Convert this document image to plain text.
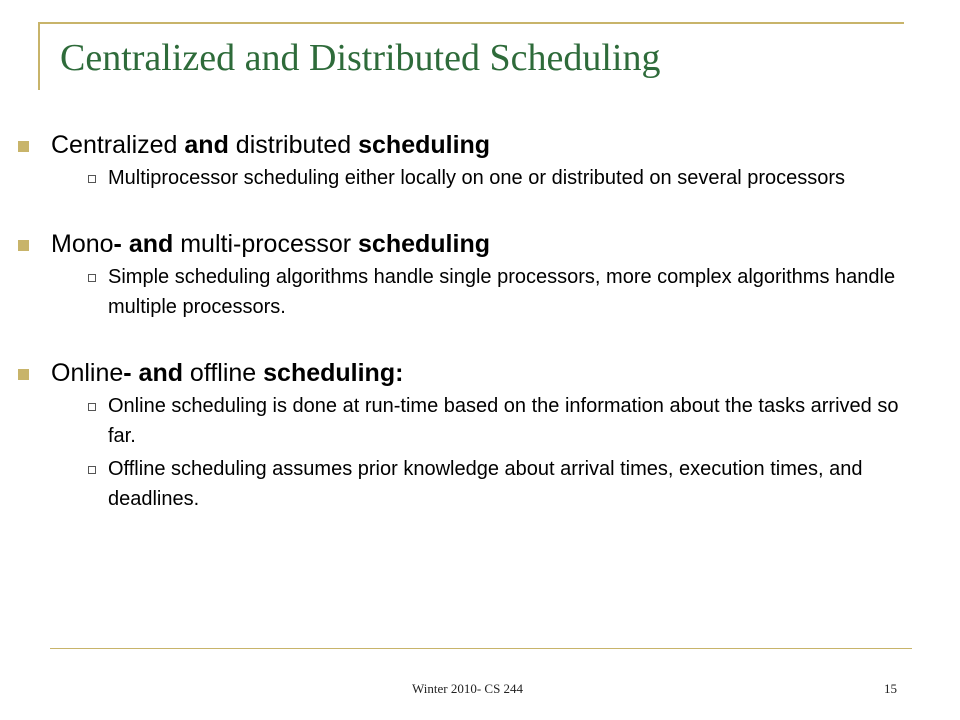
Centralized and Distributed Scheduling
Centralized and distributed scheduling
Multiprocessor scheduling either locally on one or distributed on several processors
Mono- and multi-processor scheduling
Simple scheduling algorithms handle single processors, more complex algorithms handle multiple processors.
Online- and offline scheduling:
Online scheduling is done at run-time based on the information about the tasks arrived so far.
Offline scheduling assumes prior knowledge about arrival times, execution times, and deadlines.
Winter 2010- CS 244	15
